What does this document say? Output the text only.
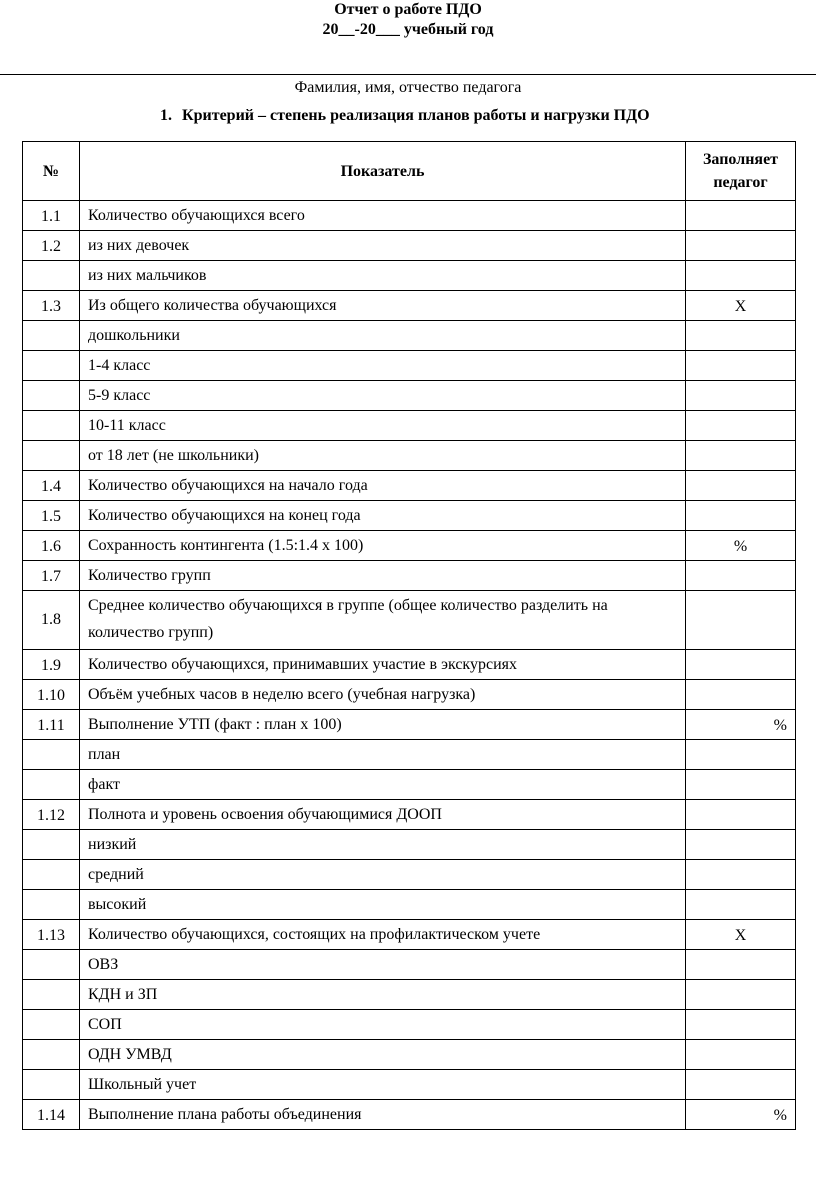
Отчет о работе ПДО
20__-20___ учебный год
Фамилия, имя, отчество педагога
1. Критерий – степень реализация планов работы и нагрузки ПДО
№	Показатель	Заполняет педагог
1.1	Количество обучающихся всего	
1.2	из них девочек	
	из них мальчиков	
1.3	Из общего количества обучающихся	Х
	дошкольники	
	1-4 класс	
	5-9 класс	
	10-11 класс	
	от 18 лет (не школьники)	
1.4	Количество обучающихся на начало года	
1.5	Количество обучающихся на конец года	
1.6	Сохранность контингента (1.5:1.4 х 100)	%
1.7	Количество групп	
1.8	Среднее количество обучающихся в группе (общее количество разделить на количество групп)	
1.9	Количество обучающихся, принимавших участие в экскурсиях	
1.10	Объём учебных часов в неделю всего (учебная нагрузка)	
1.11	Выполнение УТП (факт : план х 100)	%
	план	
	факт	
1.12	Полнота и уровень освоения обучающимися ДООП	
	низкий	
	средний	
	высокий	
1.13	Количество обучающихся, состоящих на профилактическом учете	Х
	ОВЗ	
	КДН и ЗП	
	СОП	
	ОДН УМВД	
	Школьный учет	
1.14	Выполнение плана работы объединения	%
